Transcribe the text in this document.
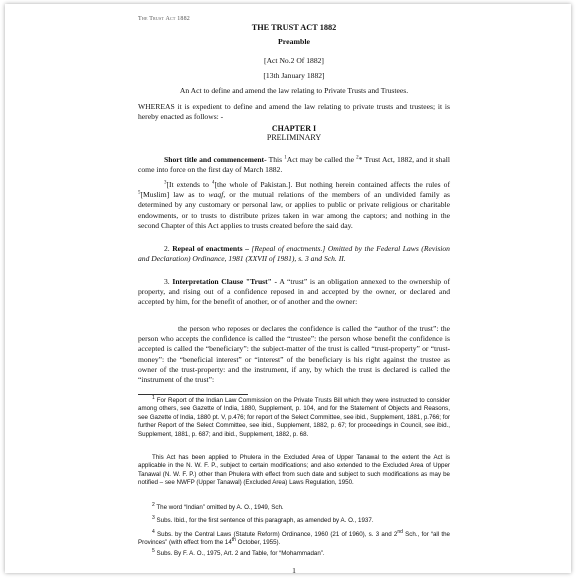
The Trust Act 1882
THE TRUST ACT 1882
Preamble
[Act No.2 Of 1882]
[13th January 1882]
An Act to define and amend the law relating to Private Trusts and Trustees.
WHEREAS it is expedient to define and amend the law relating to private trusts and trustees; it is hereby enacted as follows: -
CHAPTER I
PRELIMINARY
Short title and commencement- This $^1$Act may be called the $^2$* Trust Act, 1882, and it shall come into force on the first day of March 1882.
$^3$[It extends to $^4$[the whole of Pakistan.]. But nothing herein contained affects the rules of $^5$[Muslim] law as to waqf, or the mutual relations of the members of an undivided family as determined by any customary or personal law, or applies to public or private religious or charitable endowments, or to trusts to distribute prizes taken in war among the captors; and nothing in the second Chapter of this Act applies to trusts created before the said day.
2. Repeal of enactments – [Repeal of enactments.] Omitted by the Federal Laws (Revision and Declaration) Ordinance, 1981 (XXVII of 1981), s. 3 and Sch. II.
3. Interpretation Clause "Trust" - A “trust” is an obligation annexed to the ownership of property, and rising out of a confidence reposed in and accepted by the owner, or declared and accepted by him, for the benefit of another, or of another and the owner:
the person who reposes or declares the confidence is called the “author of the trust”: the person who accepts the confidence is called the “trustee”: the person whose benefit the confidence is accepted is called the “beneficiary”: the subject-matter of the trust is called “trust-property” or “trust-money”: the “beneficial interest” or “interest” of the beneficiary is his right against the trustee as owner of the trust-property: and the instrument, if any, by which the trust is declared is called the “instrument of the trust”:
$^1$ For Report of the Indian Law Commission on the Private Trusts Bill which they were instructed to consider among others, see Gazette of India, 1880, Supplement, p. 104, and for the Statement of Objects and Reasons, see Gazette of India, 1880 pt. V, p.476; for report of the Select Committee, see ibid., Supplement, 1881, p.766; for further Report of the Select Committee, see ibid., Supplement, 1882, p. 67; for proceedings in Council, see ibid., Supplement, 1881, p. 687; and ibid., Supplement, 1882, p. 68.
This Act has been applied to Phulera in the Excluded Area of Upper Tanawal to the extent the Act is applicable in the N. W. F. P., subject to certain modifications; and also extended to the Excluded Area of Upper Tanawal (N. W. F. P.) other than Phulera with effect from such date and subject to such modifications as may be notified – see NWFP (Upper Tanawal) (Excluded Area) Laws Regulation, 1950.
$^2$ The word “Indian” omitted by A. O., 1949, Sch.
$^3$ Subs. Ibid., for the first sentence of this paragraph, as amended by A. O., 1937.
$^4$ Subs. by the Central Laws (Statute Reform) Ordinance, 1960 (21 of 1960), s. 3 and 2nd Sch., for “all the Provinces” (with effect from the 14th October, 1955).
$^5$ Subs. By F. A. O., 1975, Art. 2 and Table, for “Mohammadan”.
1
